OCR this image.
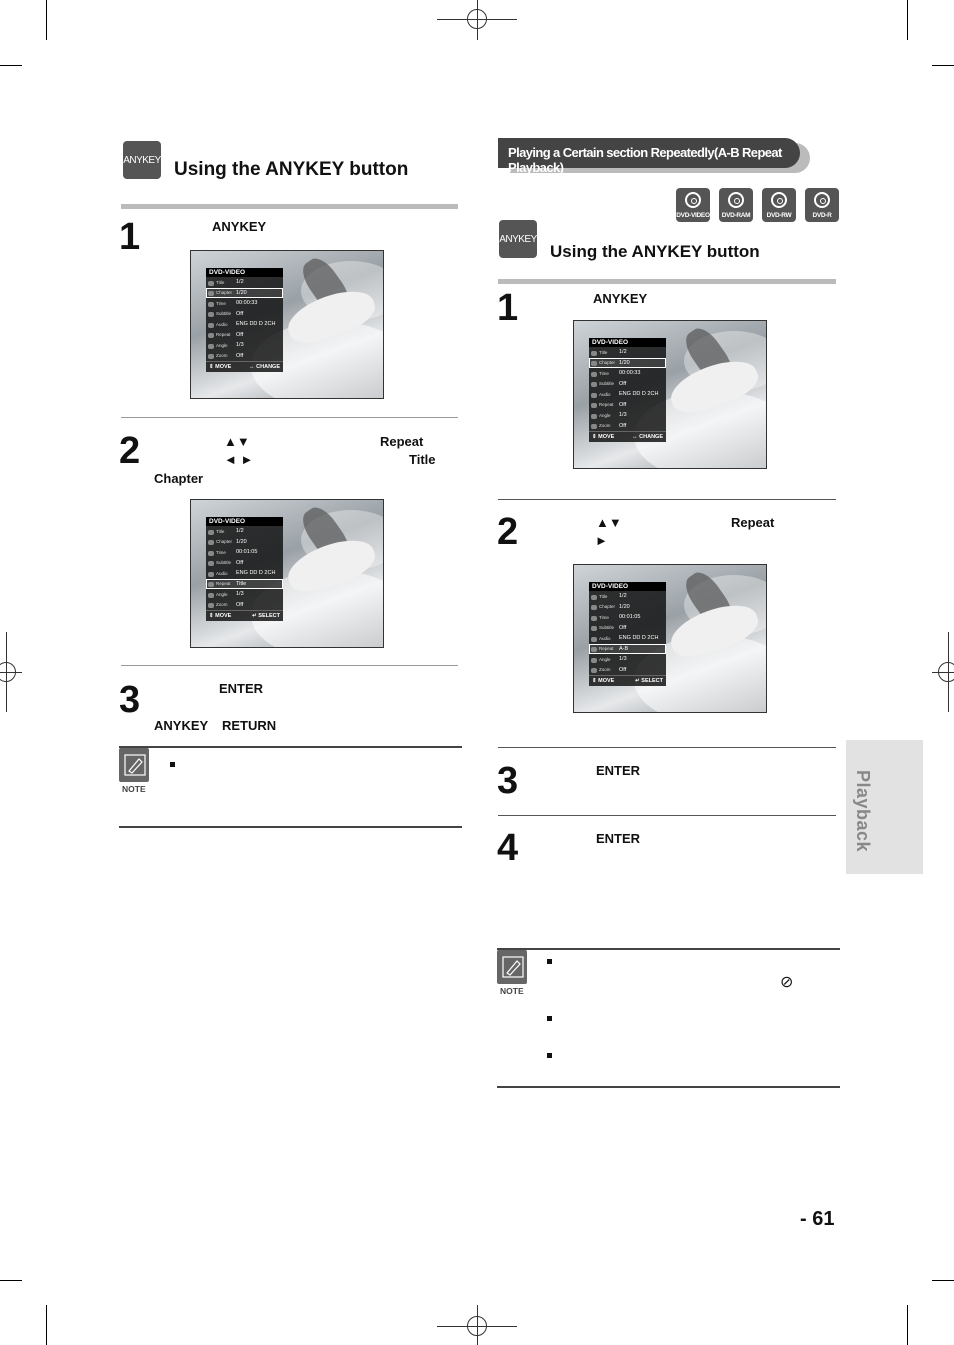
ANYKEY Using the ANYKEY button
1	ANYKEY
DVD-VIDEO
Title	1/2
Chapter 1/20
Time	00:00:33
Subtitle Off
Audio	ENG DD D 2CH
Repeat Off
Angle	1/3
Zoom	Off
⇕ MOVE	↔ CHANGE
2	▲▼	Repeat
◄ ►	Title
Chapter
DVD-VIDEO
Title	1/2
Chapter 1/20
Time	00:01:05
Subtitle Off
Audio	ENG DD D 2CH
Repeat Title
Angle	1/3
Zoom	Off
⇕ MOVE	↵ SELECT
3	ENTER
ANYKEY RETURN
NOTE
Playing a Certain section Repeatedly(A-B Repeat Playback)
DVD-VIDEO	DVD-RAM	DVD-RW	DVD-R
ANYKEY
Using the ANYKEY button
1	ANYKEY
DVD-VIDEO
Title	1/2
Chapter 1/20
Time	00:00:33
Subtitle Off
Audio	ENG DD D 2CH
Repeat Off
Angle	1/3
Zoom	Off
⇕ MOVE	↔ CHANGE
2	▲▼	Repeat
►
DVD-VIDEO
Title	1/2
Chapter 1/20
Time	00:01:05
Subtitle Off
Audio	ENG DD D 2CH
Repeat A-B
Angle	1/3
Zoom	Off
⇕ MOVE	↵ SELECT
3	ENTER
4	ENTER
NOTE	⊘
Playback
- 61
